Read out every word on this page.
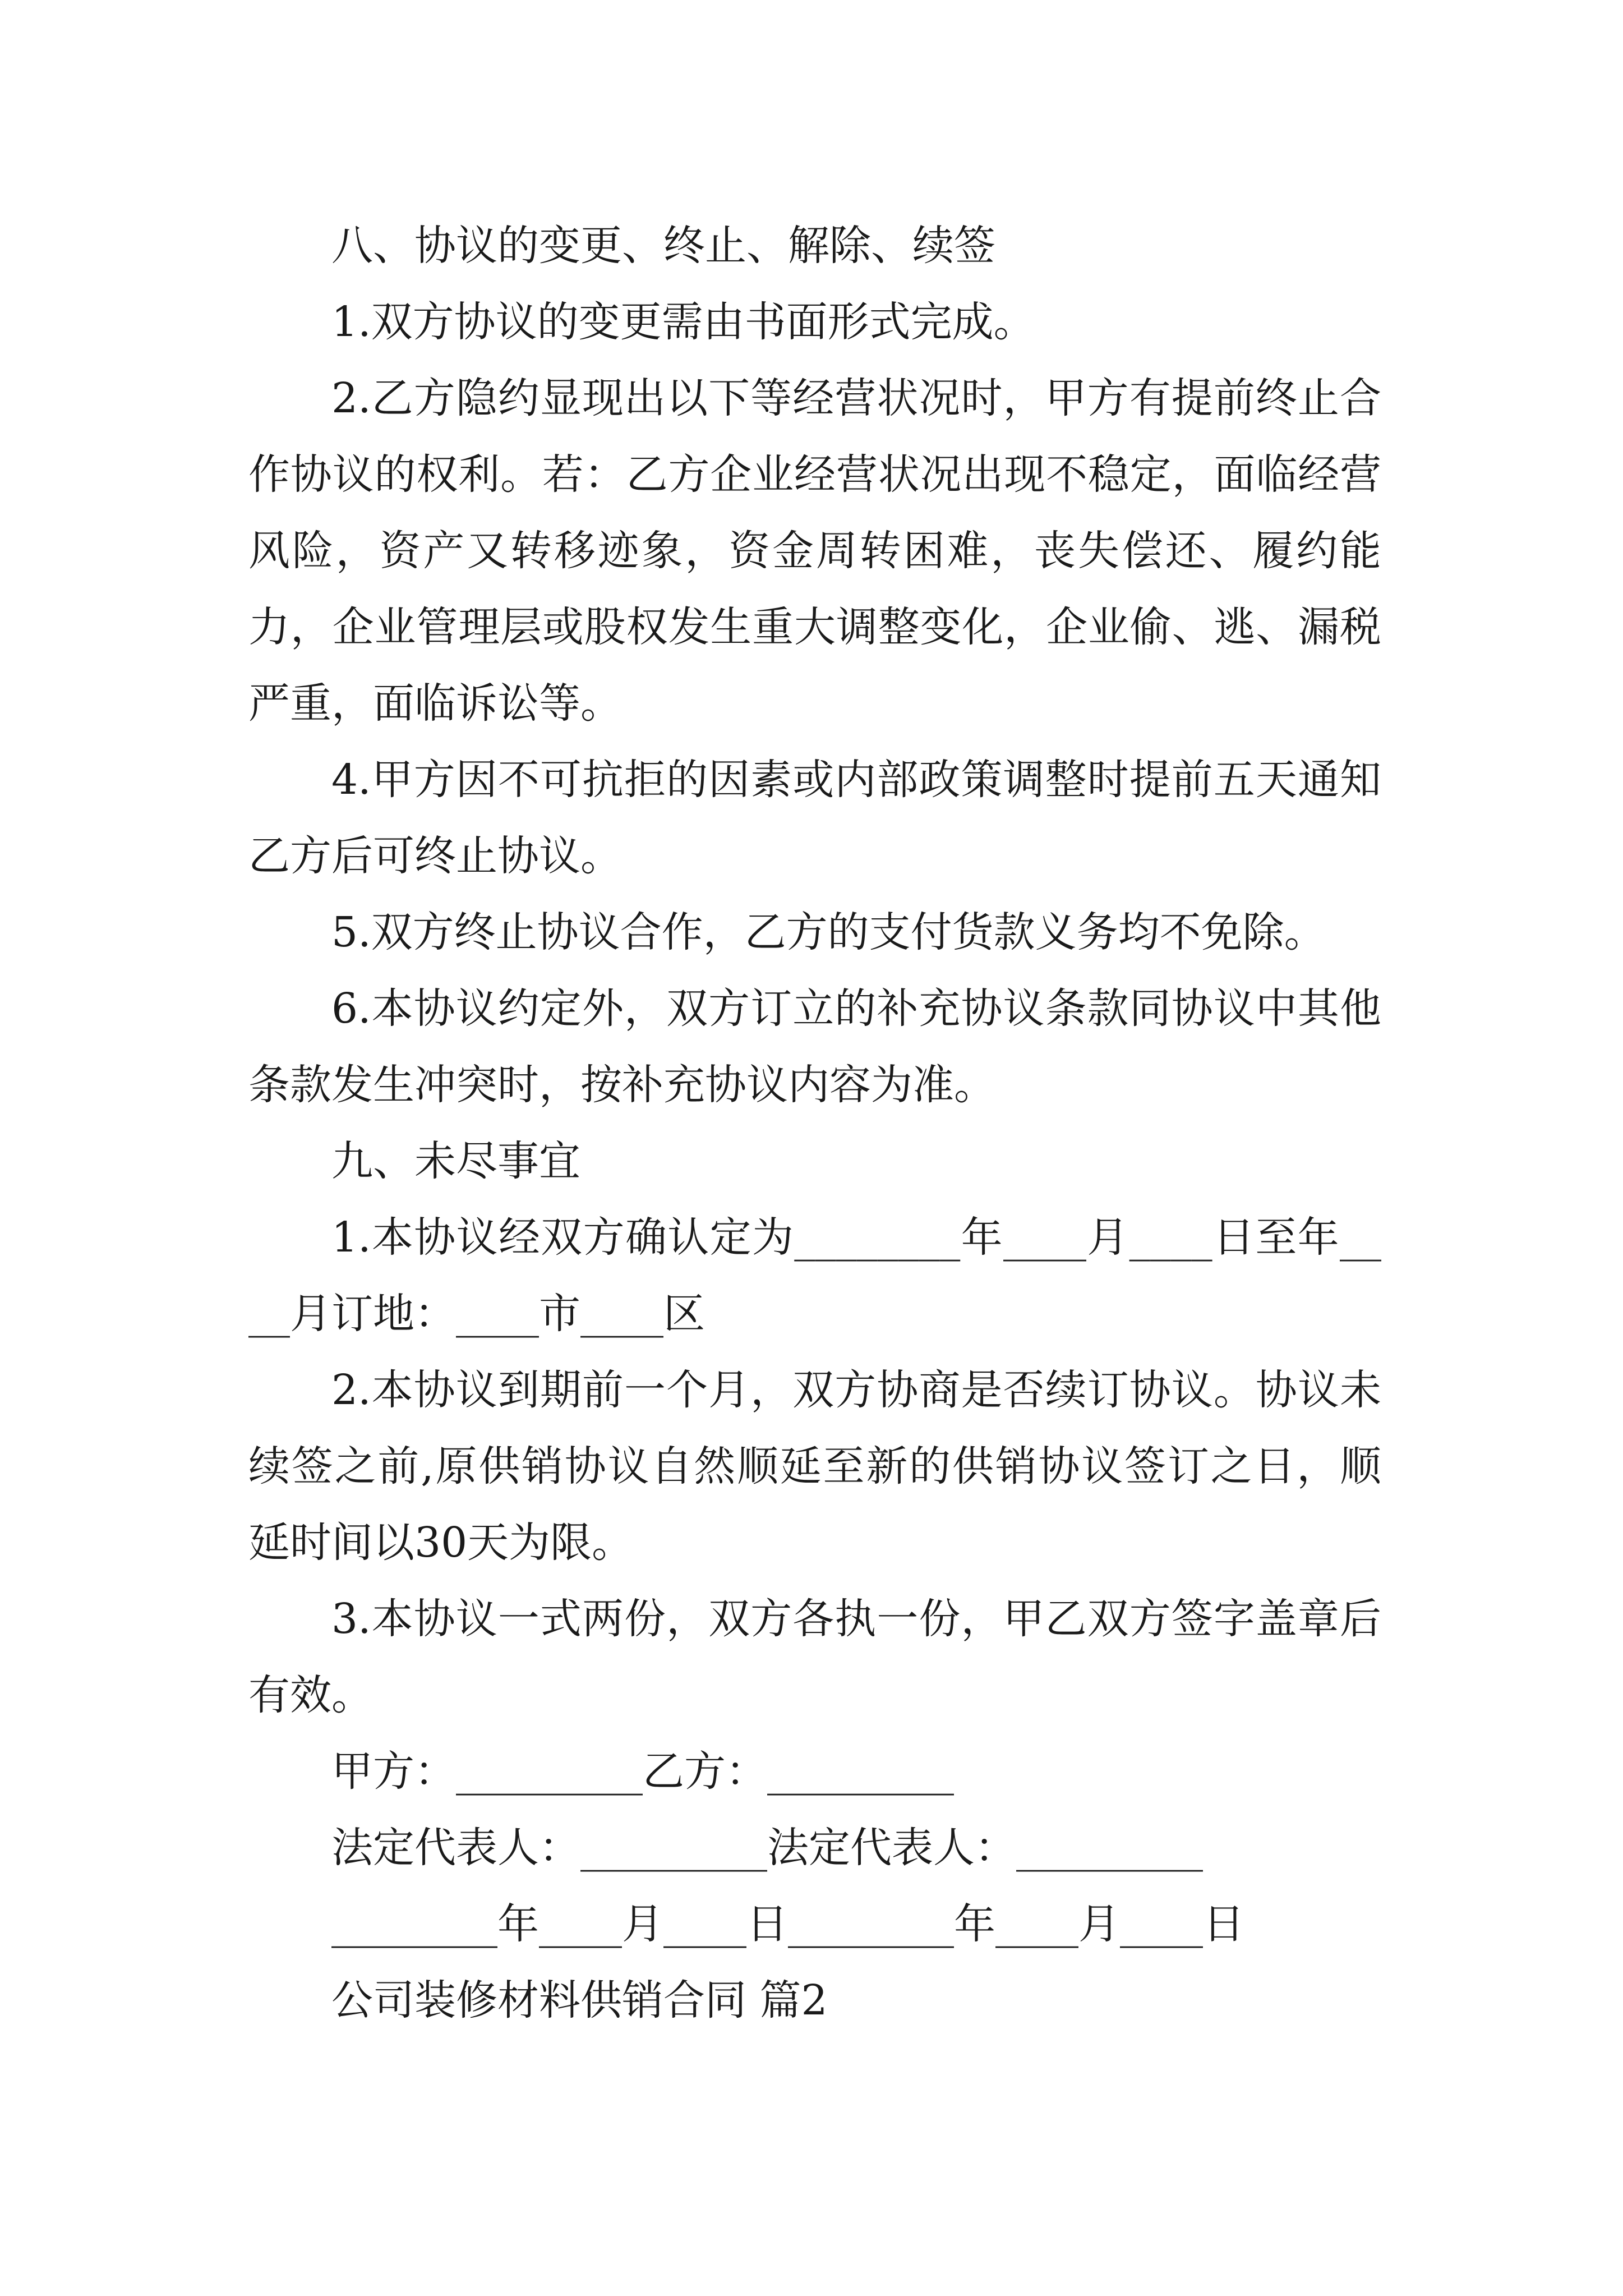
八、协议的变更、终止、解除、续签

1.双方协议的变更需由书面形式完成。

2.乙方隐约显现出以下等经营状况时，甲方有提前终止合作协议的权利。若：乙方企业经营状况出现不稳定，面临经营风险，资产又转移迹象，资金周转困难，丧失偿还、履约能力，企业管理层或股权发生重大调整变化，企业偷、逃、漏税严重，面临诉讼等。

4.甲方因不可抗拒的因素或内部政策调整时提前五天通知乙方后可终止协议。

5.双方终止协议合作，乙方的支付货款义务均不免除。

6.本协议约定外，双方订立的补充协议条款同协议中其他条款发生冲突时，按补充协议内容为准。

九、未尽事宜

1.本协议经双方确认定为________年____月____日至年____月订地：____市____区

2.本协议到期前一个月，双方协商是否续订协议。协议未续签之前,原供销协议自然顺延至新的供销协议签订之日，顺延时间以30天为限。

3.本协议一式两份，双方各执一份，甲乙双方签字盖章后有效。

甲方：_________乙方：_________

法定代表人：_________法定代表人：_________

________年____月____日________年____月____日

公司装修材料供销合同 篇2
